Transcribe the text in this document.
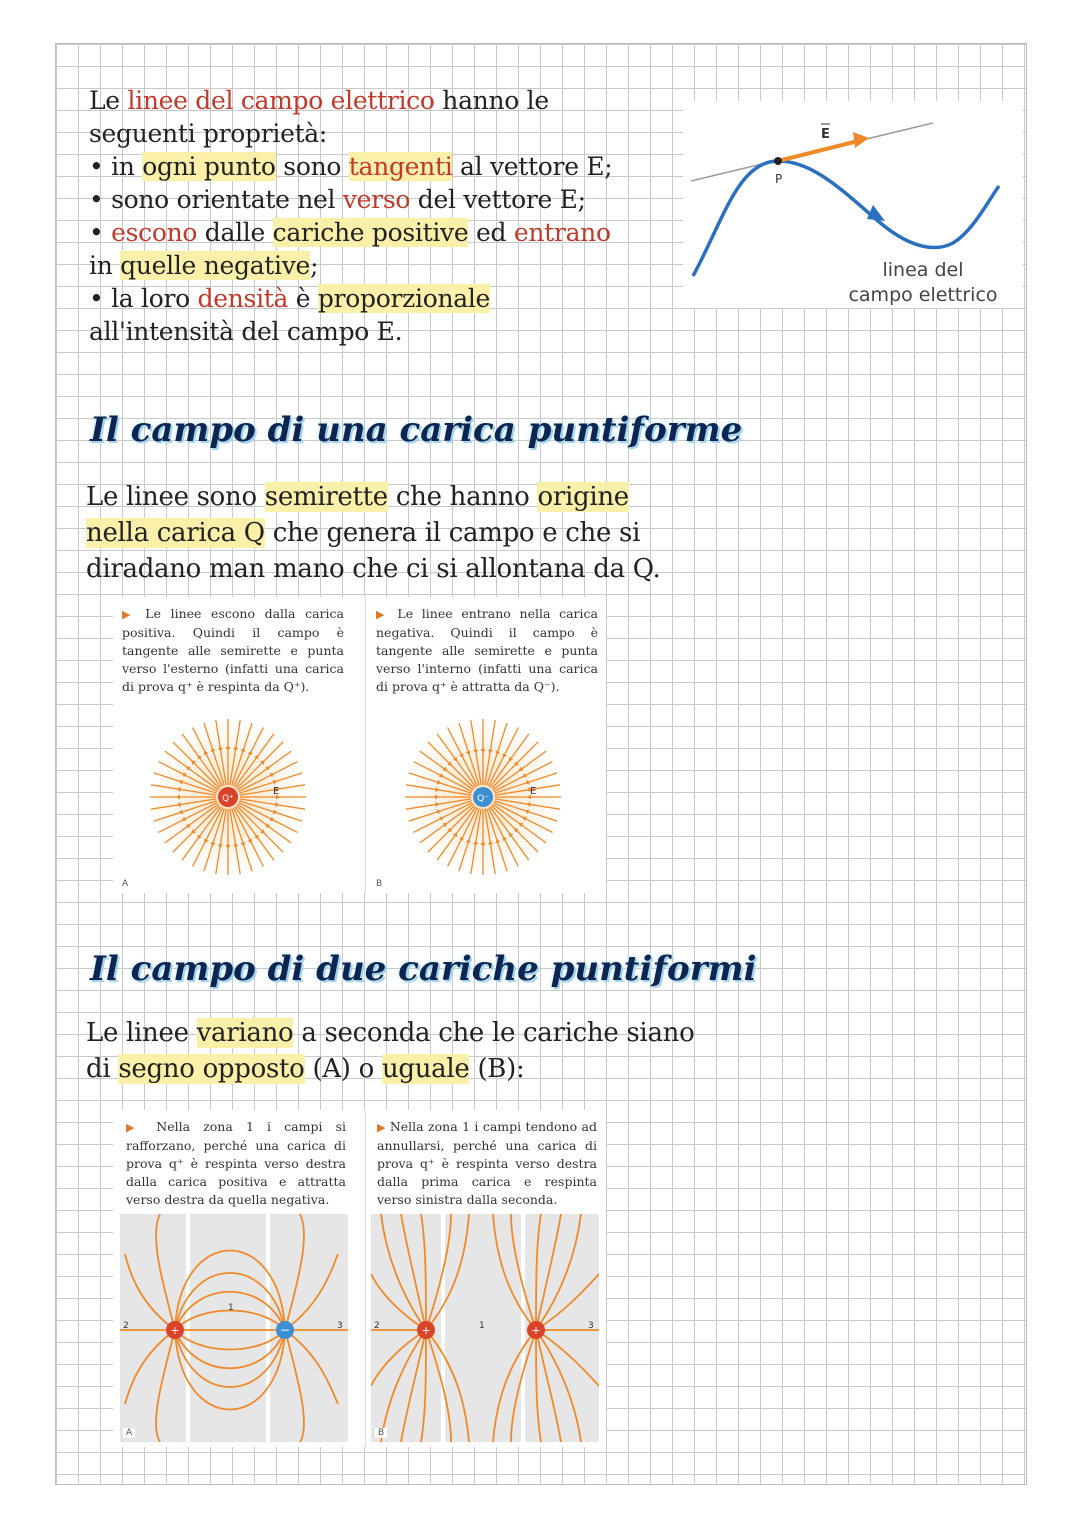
Le linee del campo elettrico hanno le

seguenti proprietà:

• in ogni punto sono tangenti al vettore E;

• sono orientate nel verso del vettore E;

• escono dalle cariche positive ed entrano

in quelle negative;

• la loro densità è proporzionale

all'intensità del campo E.

P
E
linea del
campo elettrico
Il campo di una carica puntiforme

Le linee sono semirette che hanno origine

nella carica Q che genera il campo e che si

diradano man mano che ci si allontana da Q.

▶ Le linee escono dalla carica positiva. Quindi il campo è tangente alle semirette e punta verso l'esterno (infatti una carica di prova q⁺ è respinta da Q⁺).
▶ Le linee entrano nella carica negativa. Quindi il campo è tangente alle semirette e punta verso l'interno (infatti una carica di prova q⁺ è attratta da Q⁻).
Q⁺
E
Q⁻
E
A	B
Il campo di due cariche puntiformi

Le linee variano a seconda che le cariche siano

di segno opposto (A) o uguale (B):

▶ Nella zona 1 i campi si rafforzano, perché una carica di prova q⁺ è respinta verso destra dalla carica positiva e attratta verso destra da quella negativa.
▶ Nella zona 1 i campi tendono ad annullarsi, perché una carica di prova q⁺ è respinta verso destra dalla prima carica e respinta verso sinistra dalla seconda.
+	−
1
2	3	+	+
1
2	3
A	B
